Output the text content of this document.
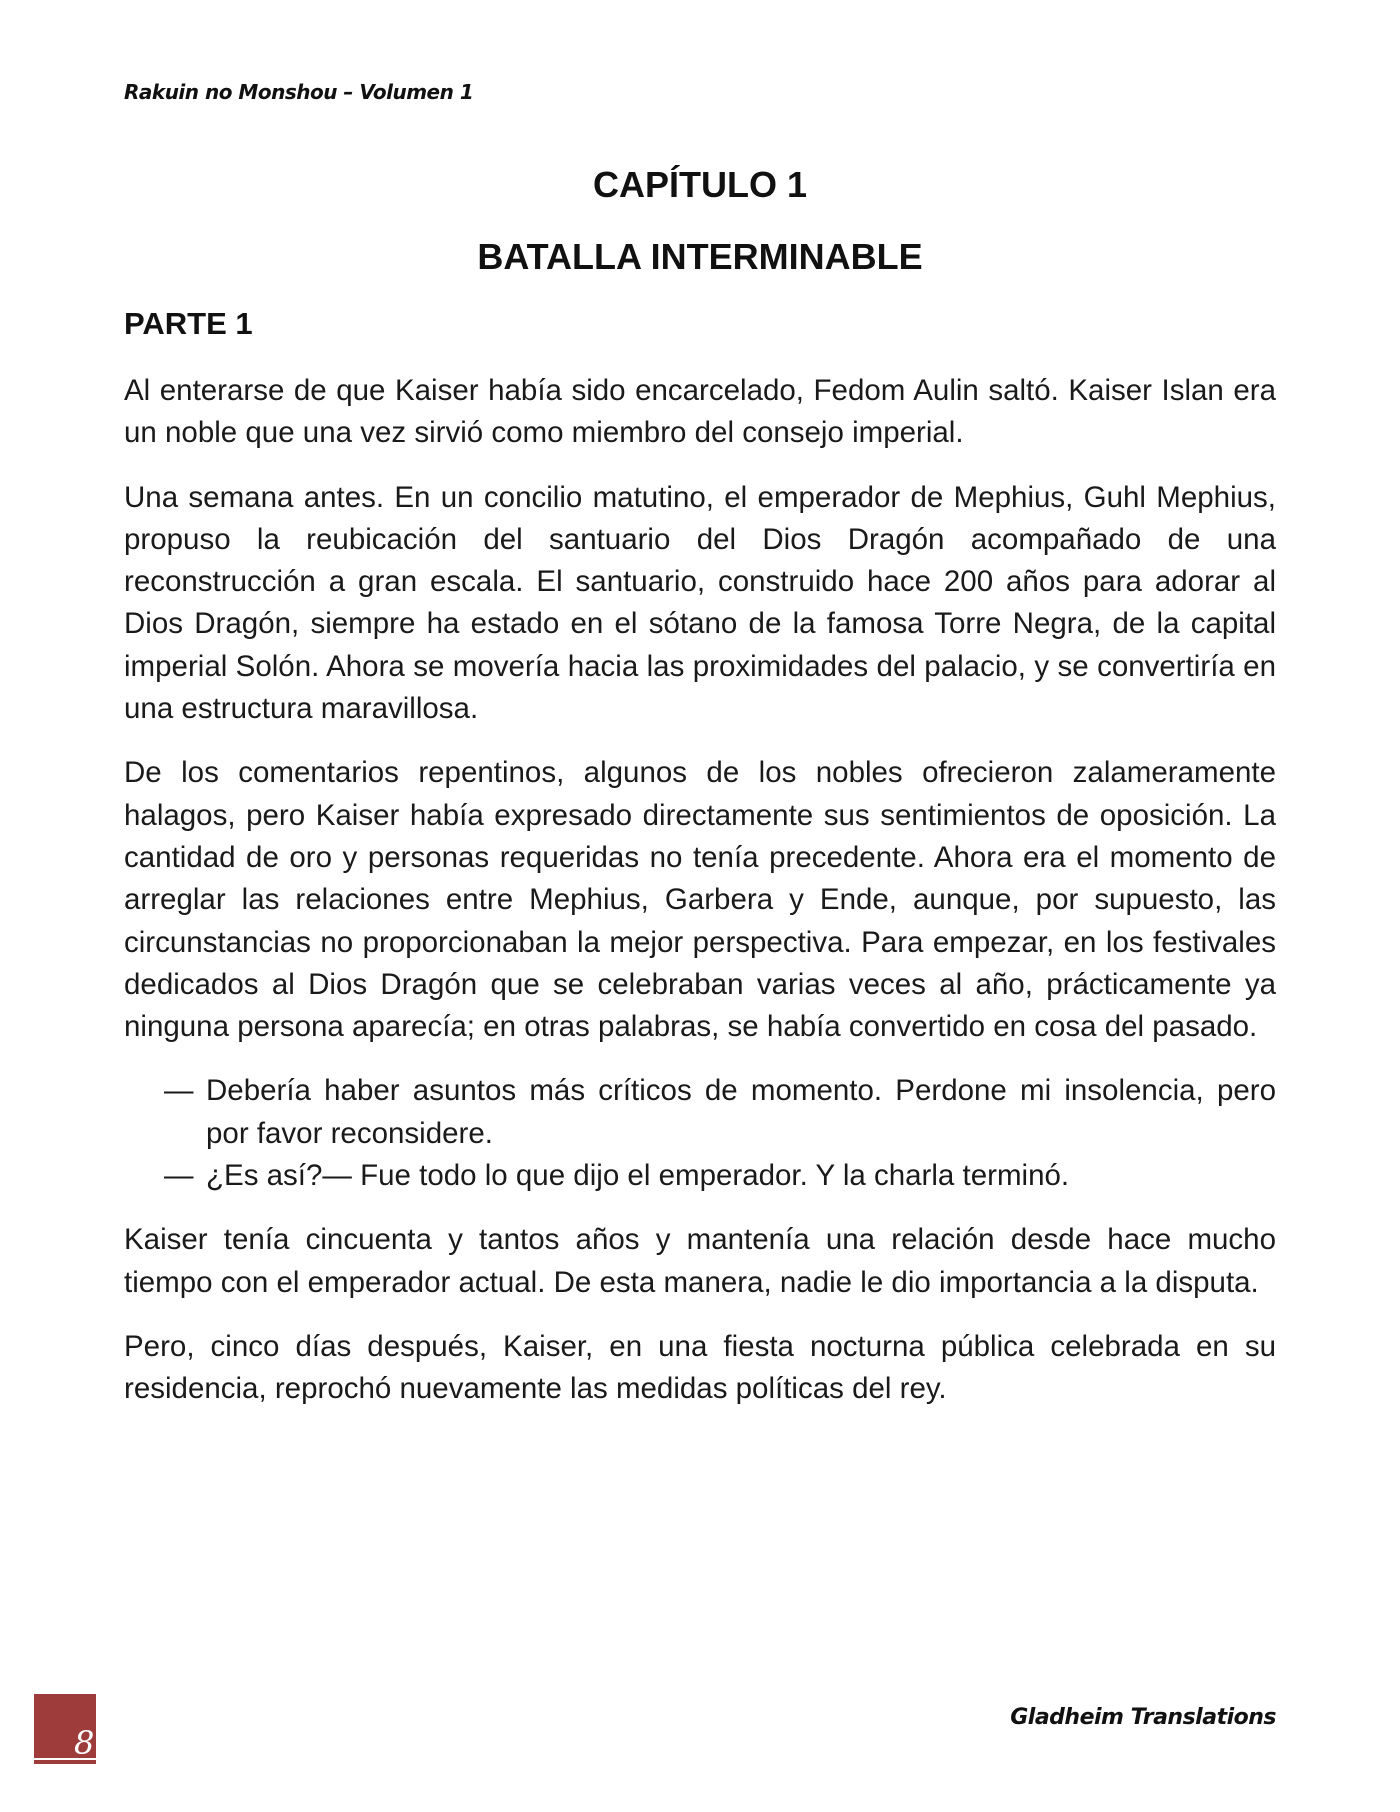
Rakuin no Monshou – Volumen 1
CAPÍTULO 1
BATALLA INTERMINABLE
PARTE 1

Al enterarse de que Kaiser había sido encarcelado, Fedom Aulin saltó. Kaiser Islan era un noble que una vez sirvió como miembro del consejo imperial.

Una semana antes. En un concilio matutino, el emperador de Mephius, Guhl Mephius, propuso la reubicación del santuario del Dios Dragón acompañado de una reconstrucción a gran escala. El santuario, construido hace 200 años para adorar al Dios Dragón, siempre ha estado en el sótano de la famosa Torre Negra, de la capital imperial Solón. Ahora se movería hacia las proximidades del palacio, y se convertiría en una estructura maravillosa.

De los comentarios repentinos, algunos de los nobles ofrecieron zalameramente halagos, pero Kaiser había expresado directamente sus sentimientos de oposición. La cantidad de oro y personas requeridas no tenía precedente. Ahora era el momento de arreglar las relaciones entre Mephius, Garbera y Ende, aunque, por supuesto, las circunstancias no proporcionaban la mejor perspectiva. Para empezar, en los festivales dedicados al Dios Dragón que se celebraban varias veces al año, prácticamente ya ninguna persona aparecía; en otras palabras, se había convertido en cosa del pasado.

— Debería haber asuntos más críticos de momento. Perdone mi insolencia, pero por favor reconsidere.
— ¿Es así?— Fue todo lo que dijo el emperador. Y la charla terminó.

Kaiser tenía cincuenta y tantos años y mantenía una relación desde hace mucho tiempo con el emperador actual. De esta manera, nadie le dio importancia a la disputa.

Pero, cinco días después, Kaiser, en una fiesta nocturna pública celebrada en su residencia, reprochó nuevamente las medidas políticas del rey.

8
Gladheim Translations
